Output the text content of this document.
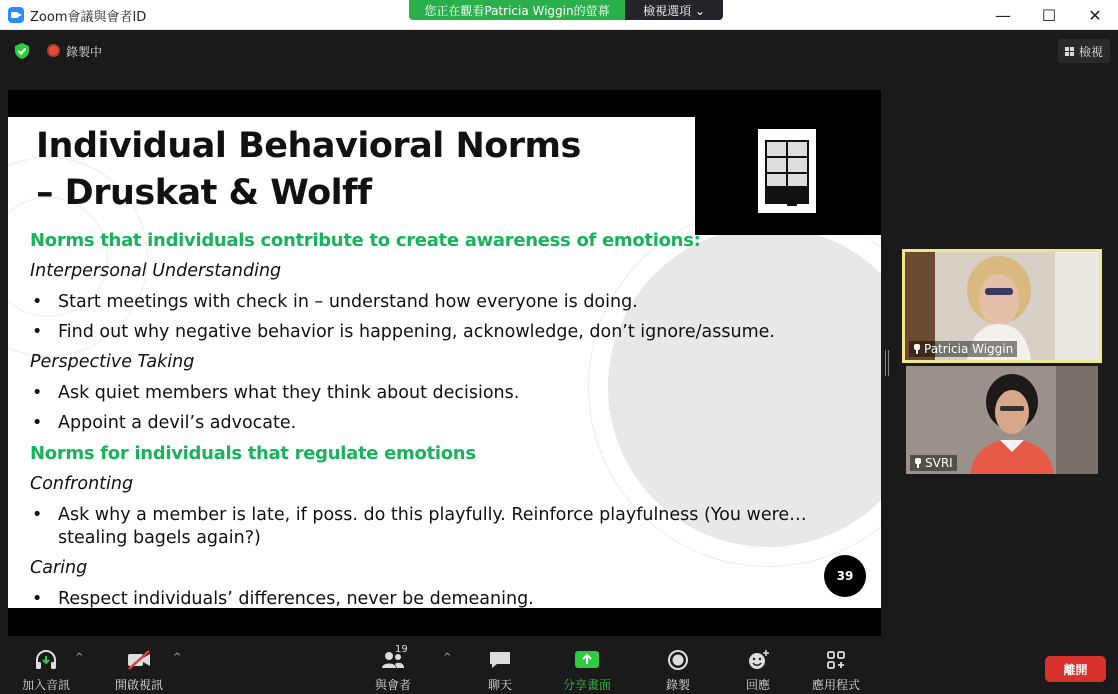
Zoom會議與會者ID	—	☐	✕
您正在觀看Patricia Wiggin的螢幕	檢視選項 ⌄
錄製中	檢視
Individual Behavioral Norms
– Druskat & Wolff
Norms that individuals contribute to create awareness of emotions:
Interpersonal Understanding
• Start meetings with check in – understand how everyone is doing.
• Find out why negative behavior is happening, acknowledge, don’t ignore/assume.
Perspective Taking
• Ask quiet members what they think about decisions.
• Appoint a devil’s advocate.
Norms for individuals that regulate emotions
Confronting
• Ask why a member is late, if poss. do this playfully. Reinforce playfulness (You were…stealing bagels again?)
Caring
• Respect individuals’ differences, never be demeaning.
39
Patricia Wiggin
SVRI
加入音訊
^
開啟視訊
^
19
與會者
^
聊天	分享畫面	錄製	回應	應用程式
離開
